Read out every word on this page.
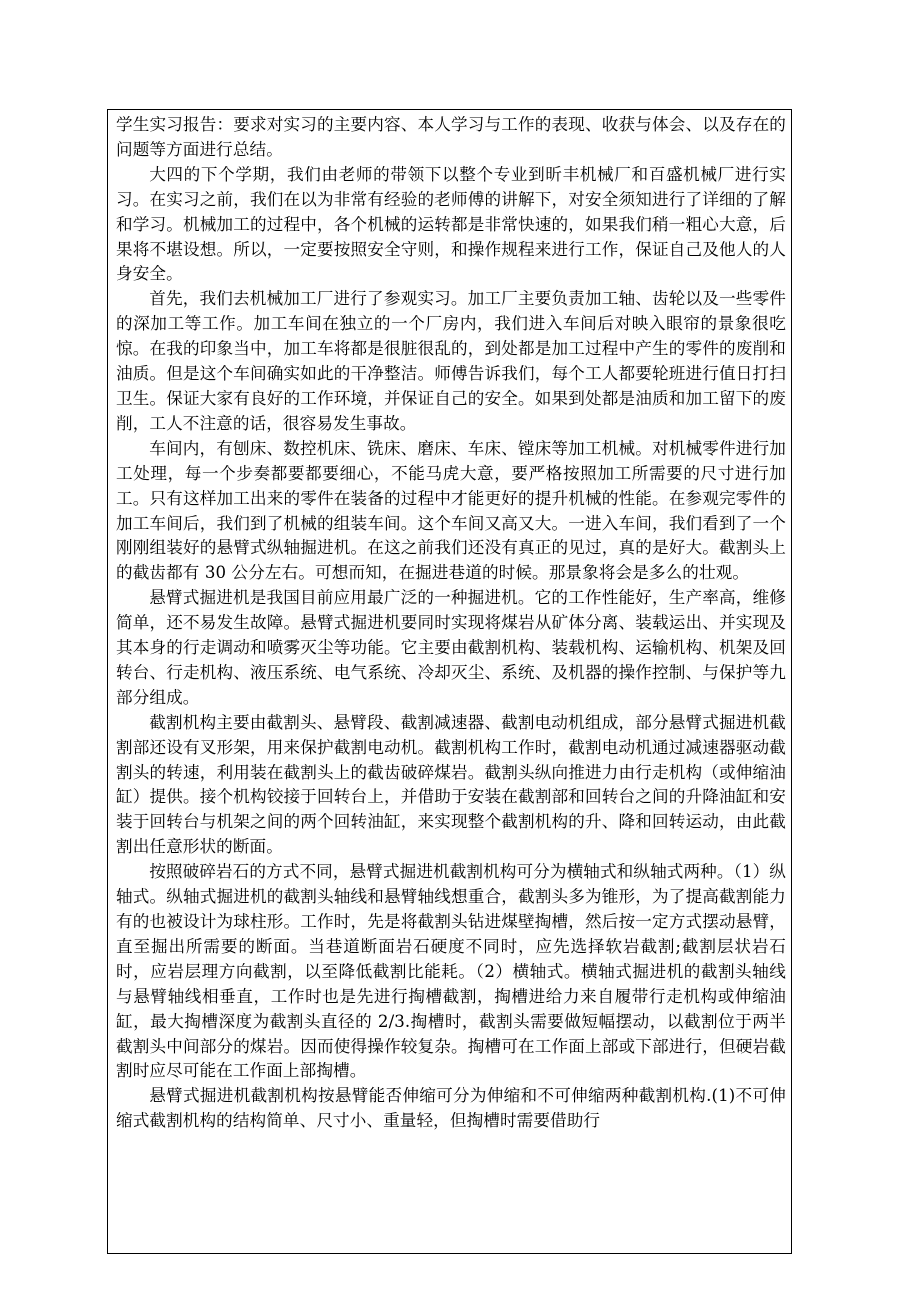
学生实习报告：要求对实习的主要内容、本人学习与工作的表现、收获与体会、以及存在的问题等方面进行总结。

大四的下个学期，我们由老师的带领下以整个专业到昕丰机械厂和百盛机械厂进行实习。在实习之前，我们在以为非常有经验的老师傅的讲解下，对安全须知进行了详细的了解和学习。机械加工的过程中，各个机械的运转都是非常快速的，如果我们稍一粗心大意，后果将不堪设想。所以，一定要按照安全守则，和操作规程来进行工作，保证自己及他人的人身安全。

首先，我们去机械加工厂进行了参观实习。加工厂主要负责加工轴、齿轮以及一些零件的深加工等工作。加工车间在独立的一个厂房内，我们进入车间后对映入眼帘的景象很吃惊。在我的印象当中，加工车将都是很脏很乱的，到处都是加工过程中产生的零件的废削和油质。但是这个车间确实如此的干净整洁。师傅告诉我们，每个工人都要轮班进行值日打扫卫生。保证大家有良好的工作环境，并保证自己的安全。如果到处都是油质和加工留下的废削，工人不注意的话，很容易发生事故。

车间内，有刨床、数控机床、铣床、磨床、车床、镗床等加工机械。对机械零件进行加工处理，每一个步奏都要都要细心，不能马虎大意，要严格按照加工所需要的尺寸进行加工。只有这样加工出来的零件在装备的过程中才能更好的提升机械的性能。在参观完零件的加工车间后，我们到了机械的组装车间。这个车间又高又大。一进入车间，我们看到了一个刚刚组装好的悬臂式纵轴掘进机。在这之前我们还没有真正的见过，真的是好大。截割头上的截齿都有 30 公分左右。可想而知，在掘进巷道的时候。那景象将会是多么的壮观。

悬臂式掘进机是我国目前应用最广泛的一种掘进机。它的工作性能好，生产率高，维修简单，还不易发生故障。悬臂式掘进机要同时实现将煤岩从矿体分离、装载运出、并实现及其本身的行走调动和喷雾灭尘等功能。它主要由截割机构、装载机构、运输机构、机架及回转台、行走机构、液压系统、电气系统、冷却灭尘、系统、及机器的操作控制、与保护等九部分组成。

截割机构主要由截割头、悬臂段、截割减速器、截割电动机组成，部分悬臂式掘进机截割部还设有叉形架，用来保护截割电动机。截割机构工作时，截割电动机通过减速器驱动截割头的转速，利用装在截割头上的截齿破碎煤岩。截割头纵向推进力由行走机构（或伸缩油缸）提供。接个机构铰接于回转台上，并借助于安装在截割部和回转台之间的升降油缸和安装于回转台与机架之间的两个回转油缸，来实现整个截割机构的升、降和回转运动，由此截割出任意形状的断面。

按照破碎岩石的方式不同，悬臂式掘进机截割机构可分为横轴式和纵轴式两种。（1）纵轴式。纵轴式掘进机的截割头轴线和悬臂轴线想重合，截割头多为锥形，为了提高截割能力有的也被设计为球柱形。工作时，先是将截割头钻进煤壁掏槽，然后按一定方式摆动悬臂，直至掘出所需要的断面。当巷道断面岩石硬度不同时，应先选择软岩截割;截割层状岩石时，应岩层理方向截割，以至降低截割比能耗。（2）横轴式。横轴式掘进机的截割头轴线与悬臂轴线相垂直，工作时也是先进行掏槽截割，掏槽进给力来自履带行走机构或伸缩油缸，最大掏槽深度为截割头直径的 2/3.掏槽时，截割头需要做短幅摆动，以截割位于两半截割头中间部分的煤岩。因而使得操作较复杂。掏槽可在工作面上部或下部进行，但硬岩截割时应尽可能在工作面上部掏槽。

悬臂式掘进机截割机构按悬臂能否伸缩可分为伸缩和不可伸缩两种截割机构.(1)不可伸缩式截割机构的结构简单、尺寸小、重量轻，但掏槽时需要借助行
